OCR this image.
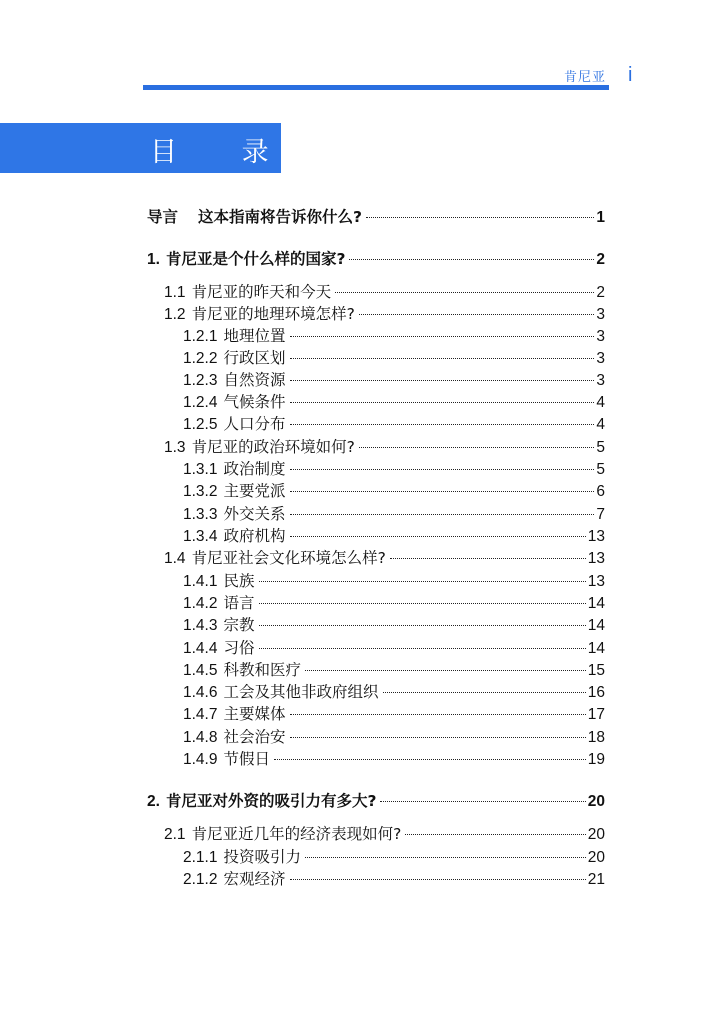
肯尼亚 i
目 录
导言	这本指南将告诉你什么?	1
1. 肯尼亚是个什么样的国家?	2
1.1 肯尼亚的昨天和今天	2
1.2 肯尼亚的地理环境怎样?	3
1.2.1 地理位置	3
1.2.2 行政区划	3
1.2.3 自然资源	3
1.2.4 气候条件	4
1.2.5 人口分布	4
1.3 肯尼亚的政治环境如何?	5
1.3.1 政治制度	5
1.3.2 主要党派	6
1.3.3 外交关系	7
1.3.4 政府机构	13
1.4 肯尼亚社会文化环境怎么样?	13
1.4.1 民族	13
1.4.2 语言	14
1.4.3 宗教	14
1.4.4 习俗	14
1.4.5 科教和医疗	15
1.4.6 工会及其他非政府组织	16
1.4.7 主要媒体	17
1.4.8 社会治安	18
1.4.9 节假日	19
2. 肯尼亚对外资的吸引力有多大?	20
2.1 肯尼亚近几年的经济表现如何?	20
2.1.1 投资吸引力	20
2.1.2 宏观经济	21
